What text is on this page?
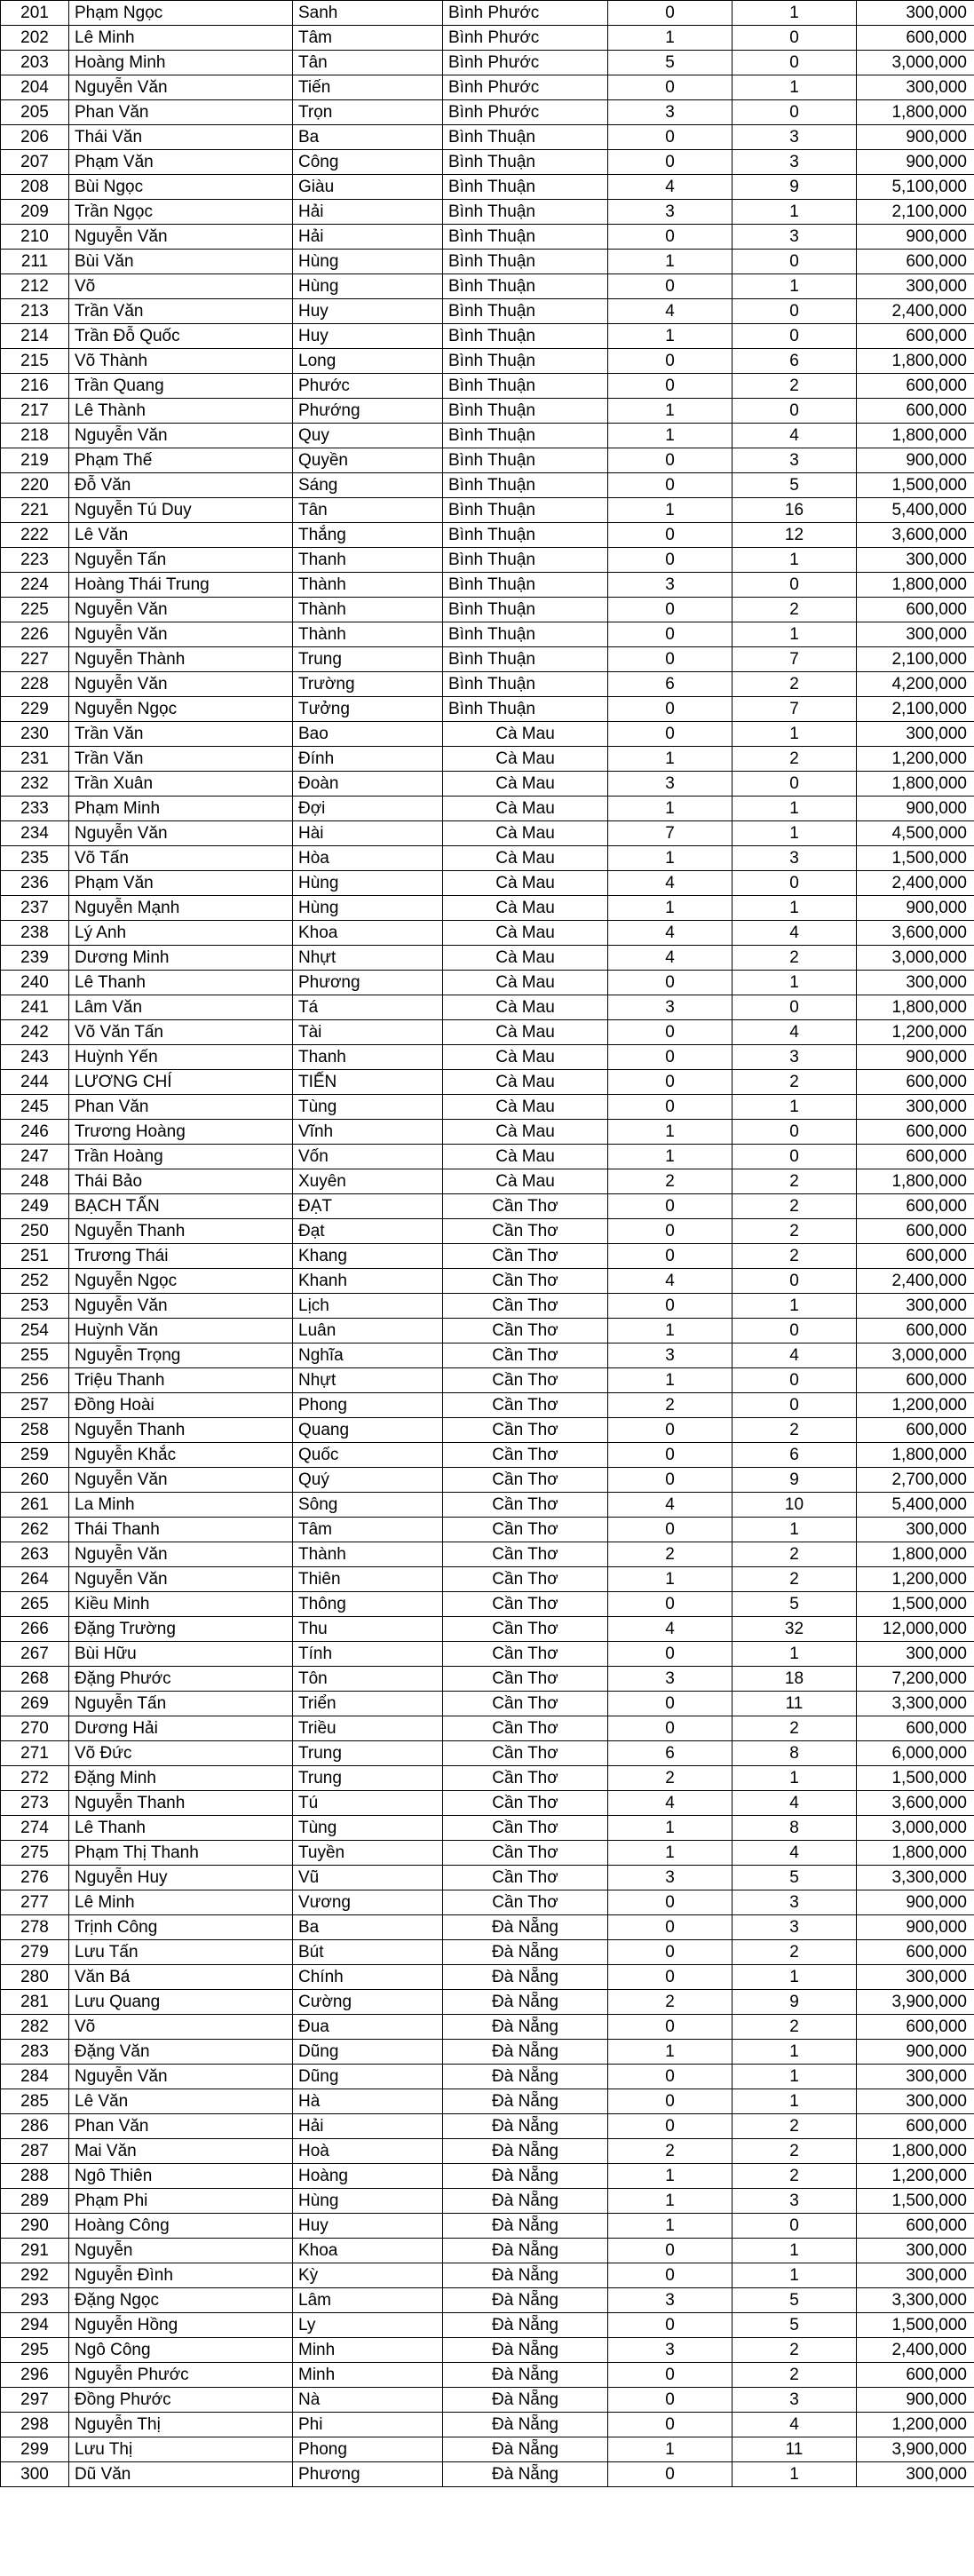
201	Phạm Ngọc	Sanh	Bình Phước	0	1	300,000
202	Lê Minh	Tâm	Bình Phước	1	0	600,000
203	Hoàng Minh	Tân	Bình Phước	5	0	3,000,000
204	Nguyễn Văn	Tiến	Bình Phước	0	1	300,000
205	Phan Văn	Trọn	Bình Phước	3	0	1,800,000
206	Thái Văn	Ba	Bình Thuận	0	3	900,000
207	Phạm Văn	Công	Bình Thuận	0	3	900,000
208	Bùi Ngọc	Giàu	Bình Thuận	4	9	5,100,000
209	Trần Ngọc	Hải	Bình Thuận	3	1	2,100,000
210	Nguyễn Văn	Hải	Bình Thuận	0	3	900,000
211	Bùi Văn	Hùng	Bình Thuận	1	0	600,000
212	Võ	Hùng	Bình Thuận	0	1	300,000
213	Trần Văn	Huy	Bình Thuận	4	0	2,400,000
214	Trần Đỗ Quốc	Huy	Bình Thuận	1	0	600,000
215	Võ Thành	Long	Bình Thuận	0	6	1,800,000
216	Trần Quang	Phước	Bình Thuận	0	2	600,000
217	Lê Thành	Phướng	Bình Thuận	1	0	600,000
218	Nguyễn Văn	Quy	Bình Thuận	1	4	1,800,000
219	Phạm Thế	Quyền	Bình Thuận	0	3	900,000
220	Đỗ Văn	Sáng	Bình Thuận	0	5	1,500,000
221	Nguyễn Tú Duy	Tân	Bình Thuận	1	16	5,400,000
222	Lê Văn	Thắng	Bình Thuận	0	12	3,600,000
223	Nguyễn Tấn	Thanh	Bình Thuận	0	1	300,000
224	Hoàng Thái Trung	Thành	Bình Thuận	3	0	1,800,000
225	Nguyễn Văn	Thành	Bình Thuận	0	2	600,000
226	Nguyễn Văn	Thành	Bình Thuận	0	1	300,000
227	Nguyễn Thành	Trung	Bình Thuận	0	7	2,100,000
228	Nguyễn Văn	Trường	Bình Thuận	6	2	4,200,000
229	Nguyễn Ngọc	Tưởng	Bình Thuận	0	7	2,100,000
230	Trần Văn	Bao	Cà Mau	0	1	300,000
231	Trần Văn	Đính	Cà Mau	1	2	1,200,000
232	Trần Xuân	Đoàn	Cà Mau	3	0	1,800,000
233	Phạm Minh	Đợi	Cà Mau	1	1	900,000
234	Nguyễn Văn	Hài	Cà Mau	7	1	4,500,000
235	Võ Tấn	Hòa	Cà Mau	1	3	1,500,000
236	Phạm Văn	Hùng	Cà Mau	4	0	2,400,000
237	Nguyễn Mạnh	Hùng	Cà Mau	1	1	900,000
238	Lý Anh	Khoa	Cà Mau	4	4	3,600,000
239	Dương Minh	Nhựt	Cà Mau	4	2	3,000,000
240	Lê Thanh	Phương	Cà Mau	0	1	300,000
241	Lâm Văn	Tá	Cà Mau	3	0	1,800,000
242	Võ Văn Tấn	Tài	Cà Mau	0	4	1,200,000
243	Huỳnh Yến	Thanh	Cà Mau	0	3	900,000
244	LƯƠNG CHÍ	TIẾN	Cà Mau	0	2	600,000
245	Phan Văn	Tùng	Cà Mau	0	1	300,000
246	Trương Hoàng	Vĩnh	Cà Mau	1	0	600,000
247	Trần Hoàng	Vốn	Cà Mau	1	0	600,000
248	Thái Bảo	Xuyên	Cà Mau	2	2	1,800,000
249	BẠCH TẤN	ĐẠT	Cần Thơ	0	2	600,000
250	Nguyễn Thanh	Đạt	Cần Thơ	0	2	600,000
251	Trương Thái	Khang	Cần Thơ	0	2	600,000
252	Nguyễn Ngọc	Khanh	Cần Thơ	4	0	2,400,000
253	Nguyễn Văn	Lịch	Cần Thơ	0	1	300,000
254	Huỳnh Văn	Luân	Cần Thơ	1	0	600,000
255	Nguyễn Trọng	Nghĩa	Cần Thơ	3	4	3,000,000
256	Triệu Thanh	Nhựt	Cần Thơ	1	0	600,000
257	Đồng Hoài	Phong	Cần Thơ	2	0	1,200,000
258	Nguyễn Thanh	Quang	Cần Thơ	0	2	600,000
259	Nguyễn Khắc	Quốc	Cần Thơ	0	6	1,800,000
260	Nguyễn Văn	Quý	Cần Thơ	0	9	2,700,000
261	La Minh	Sông	Cần Thơ	4	10	5,400,000
262	Thái Thanh	Tâm	Cần Thơ	0	1	300,000
263	Nguyễn Văn	Thành	Cần Thơ	2	2	1,800,000
264	Nguyễn Văn	Thiên	Cần Thơ	1	2	1,200,000
265	Kiều Minh	Thông	Cần Thơ	0	5	1,500,000
266	Đặng Trường	Thu	Cần Thơ	4	32	12,000,000
267	Bùi Hữu	Tính	Cần Thơ	0	1	300,000
268	Đặng Phước	Tôn	Cần Thơ	3	18	7,200,000
269	Nguyễn Tấn	Triển	Cần Thơ	0	11	3,300,000
270	Dương Hải	Triều	Cần Thơ	0	2	600,000
271	Võ Đức	Trung	Cần Thơ	6	8	6,000,000
272	Đặng Minh	Trung	Cần Thơ	2	1	1,500,000
273	Nguyễn Thanh	Tú	Cần Thơ	4	4	3,600,000
274	Lê Thanh	Tùng	Cần Thơ	1	8	3,000,000
275	Phạm Thị Thanh	Tuyền	Cần Thơ	1	4	1,800,000
276	Nguyễn Huy	Vũ	Cần Thơ	3	5	3,300,000
277	Lê Minh	Vương	Cần Thơ	0	3	900,000
278	Trịnh Công	Ba	Đà Nẵng	0	3	900,000
279	Lưu Tấn	Bút	Đà Nẵng	0	2	600,000
280	Văn Bá	Chính	Đà Nẵng	0	1	300,000
281	Lưu Quang	Cường	Đà Nẵng	2	9	3,900,000
282	Võ	Đua	Đà Nẵng	0	2	600,000
283	Đặng Văn	Dũng	Đà Nẵng	1	1	900,000
284	Nguyễn Văn	Dũng	Đà Nẵng	0	1	300,000
285	Lê Văn	Hà	Đà Nẵng	0	1	300,000
286	Phan Văn	Hải	Đà Nẵng	0	2	600,000
287	Mai Văn	Hoà	Đà Nẵng	2	2	1,800,000
288	Ngô Thiên	Hoàng	Đà Nẵng	1	2	1,200,000
289	Phạm Phi	Hùng	Đà Nẵng	1	3	1,500,000
290	Hoàng Công	Huy	Đà Nẵng	1	0	600,000
291	Nguyễn	Khoa	Đà Nẵng	0	1	300,000
292	Nguyễn Đình	Kỳ	Đà Nẵng	0	1	300,000
293	Đặng Ngọc	Lâm	Đà Nẵng	3	5	3,300,000
294	Nguyễn Hồng	Ly	Đà Nẵng	0	5	1,500,000
295	Ngô Công	Minh	Đà Nẵng	3	2	2,400,000
296	Nguyễn Phước	Minh	Đà Nẵng	0	2	600,000
297	Đồng Phước	Nà	Đà Nẵng	0	3	900,000
298	Nguyễn Thị	Phi	Đà Nẵng	0	4	1,200,000
299	Lưu Thị	Phong	Đà Nẵng	1	11	3,900,000
300	Dũ Văn	Phương	Đà Nẵng	0	1	300,000
